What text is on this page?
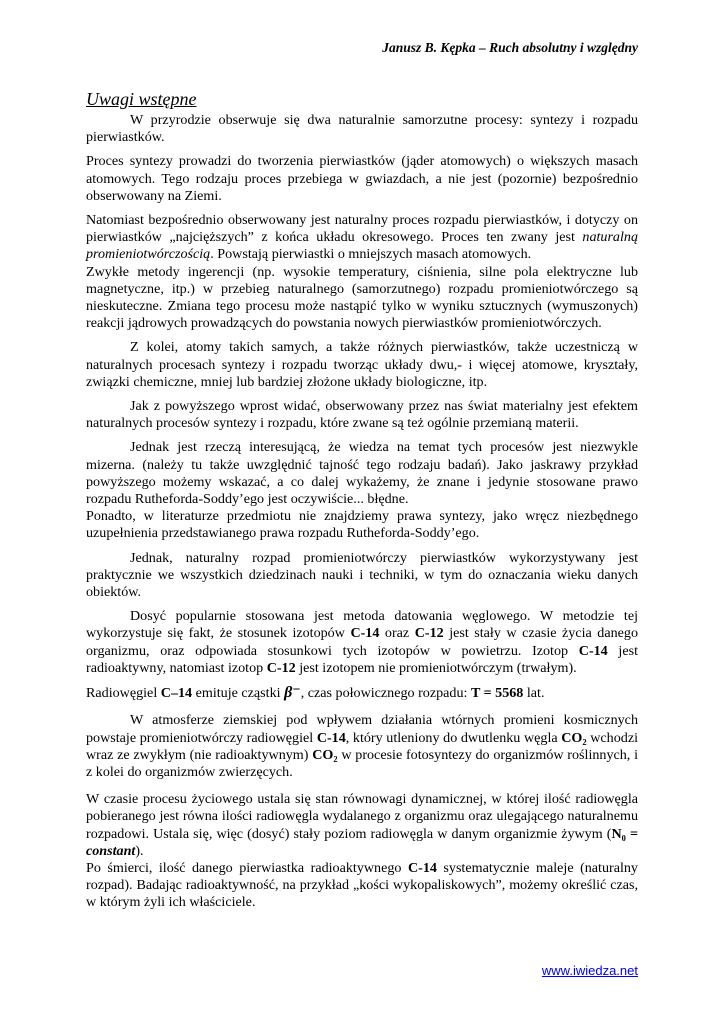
Janusz B. Kępka – Ruch absolutny i względny
Uwagi wstępne

W przyrodzie obserwuje się dwa naturalnie samorzutne procesy: syntezy i rozpadu pierwiastków.

Proces syntezy prowadzi do tworzenia pierwiastków (jąder atomowych) o większych masach atomowych. Tego rodzaju proces przebiega w gwiazdach, a nie jest (pozornie) bezpośrednio obserwowany na Ziemi.

Natomiast bezpośrednio obserwowany jest naturalny proces rozpadu pierwiastków, i dotyczy on pierwiastków „najcięższych” z końca układu okresowego. Proces ten zwany jest naturalną promieniotwórczością. Powstają pierwiastki o mniejszych masach atomowych.

Zwykłe metody ingerencji (np. wysokie temperatury, ciśnienia, silne pola elektryczne lub magnetyczne, itp.) w przebieg naturalnego (samorzutnego) rozpadu promieniotwórczego są nieskuteczne. Zmiana tego procesu może nastąpić tylko w wyniku sztucznych (wymuszonych) reakcji jądrowych prowadzących do powstania nowych pierwiastków promieniotwórczych.

Z kolei, atomy takich samych, a także różnych pierwiastków, także uczestniczą w naturalnych procesach syntezy i rozpadu tworząc układy dwu,- i więcej atomowe, kryształy, związki chemiczne, mniej lub bardziej złożone układy biologiczne, itp.

Jak z powyższego wprost widać, obserwowany przez nas świat materialny jest efektem naturalnych procesów syntezy i rozpadu, które zwane są też ogólnie przemianą materii.

Jednak jest rzeczą interesującą, że wiedza na temat tych procesów jest niezwykle mizerna. (należy tu także uwzględnić tajność tego rodzaju badań). Jako jaskrawy przykład powyższego możemy wskazać, a co dalej wykażemy, że znane i jedynie stosowane prawo rozpadu Rutheforda-Soddy’ego jest oczywiście... błędne.

Ponadto, w literaturze przedmiotu nie znajdziemy prawa syntezy, jako wręcz niezbędnego uzupełnienia przedstawianego prawa rozpadu Rutheforda-Soddy’ego.

Jednak, naturalny rozpad promieniotwórczy pierwiastków wykorzystywany jest praktycznie we wszystkich dziedzinach nauki i techniki, w tym do oznaczania wieku danych obiektów.

Dosyć popularnie stosowana jest metoda datowania węglowego. W metodzie tej wykorzystuje się fakt, że stosunek izotopów C-14 oraz C-12 jest stały w czasie życia danego organizmu, oraz odpowiada stosunkowi tych izotopów w powietrzu. Izotop C-14 jest radioaktywny, natomiast izotop C-12 jest izotopem nie promieniotwórczym (trwałym).

Radiowęgiel C–14 emituje cząstki β⁻, czas połowicznego rozpadu: T = 5568 lat.

W atmosferze ziemskiej pod wpływem działania wtórnych promieni kosmicznych powstaje promieniotwórczy radiowęgiel C-14, który utleniony do dwutlenku węgla CO₂ wchodzi wraz ze zwykłym (nie radioaktywnym) CO₂ w procesie fotosyntezy do organizmów roślinnych, i z kolei do organizmów zwierzęcych.

W czasie procesu życiowego ustala się stan równowagi dynamicznej, w której ilość radiowęgla pobieranego jest równa ilości radiowęgla wydalanego z organizmu oraz ulegającego naturalnemu rozpadowi. Ustala się, więc (dosyć) stały poziom radiowęgla w danym organizmie żywym (N₀ = constant).

Po śmierci, ilość danego pierwiastka radioaktywnego C-14 systematycznie maleje (naturalny rozpad). Badając radioaktywność, na przykład „kości wykopaliskowych”, możemy określić czas, w którym żyli ich właściciele.

www.iwiedza.net
